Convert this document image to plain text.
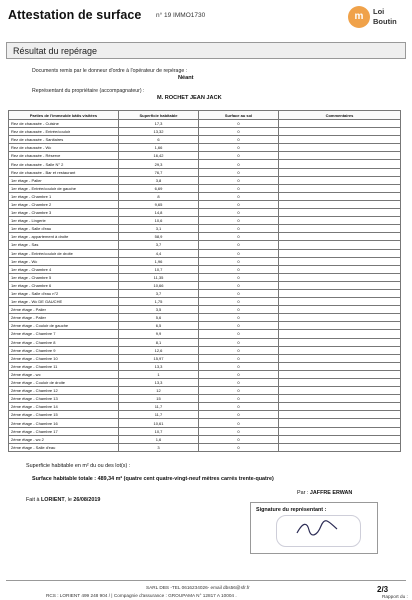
Attestation de surface n° 19 IMMO1730	m	Loi
Boutin
Résultat du repérage
Documents remis par le donneur d'ordre à l'opérateur de repérage :
Néant
Représentant du propriétaire (accompagnateur) :
M. ROCHET JEAN JACK
Parties de l'immeuble bâtis visitées	Superficie habitable	Surface au sol	Commentaires
Rez de chaussée - Cuisine	17,3	0	
Rez de chaussée - Entrée/couloir	13,32	0	
Rez de chaussée - Sanitaires	6	0	
Rez de chaussée - Wc	1,66	0	
Rez de chaussée - Réserve	16,42	0	
Rez de chaussée - Salle N° 2	29,3	0	
Rez de chaussée - Bar et restaurant	76,7	0	
1er étage - Palier	3,8	0	
1er étage - Entrée/couloir de gauche	6,69	0	
1er étage - Chambre 1	8	0	
1er étage - Chambre 2	9,65	0	
1er étage - Chambre 3	14,8	0	
1er étage - Lingerie	10,6	0	
1er étage - Salle d'eau	3,1	0	
1er étage - appartement à droite	58,9	0	
1er étage - Sas	3,7	0	
1er étage - Entrée/couloir de droite	4,4	0	
1er étage - Wc	1,96	0	
1er étage - Chambre 4	10,7	0	
1er étage - Chambre 5	11,35	0	
1er étage - Chambre 6	10,66	0	
1er étage - Salle d'eau n°2	3,7	0	
1er étage - Wc DE GAUCHE	1,75	0	
2ème étage - Palier	3,5	0	
2ème étage - Palier	5,6	0	
2ème étage - Couloir de gauche	6,5	0	
2ème étage - Chambre 7	9,9	0	
2ème étage - Chambre 8	8,1	0	
2ème étage - Chambre 9	12,6	0	
2ème étage - Chambre 10	15,97	0	
2ème étage - Chambre 11	13,3	0	
2ème étage - wc	1	0	
2ème étage - Couloir de droite	13,3	0	
2ème étage - Chambre 12	12	0	
2ème étage - Chambre 13	15	0	
2ème étage - Chambre 14	11,7	0	
2ème étage - Chambre 15	11,7	0	
2ème étage - Chambre 16	10,61	0	
2ème étage - Chambre 17	10,7	0	
2ème étage - wc 2	1,6	0	
2ème étage - Salle d'eau	3	0	
Superficie habitable en m² du ou des lot(s) :
Surface habitable totale : 489,34 m² (quatre cent quatre-vingt-neuf mètres carrés trente-quatre)
Fait à LORIENT, le 26/08/2019
Par : JAFFRE ERWAN
Signature du représentant :
SARL DBS -TEL 0616234026- email dbs56@sfr.fr
RCS : LORIENT 499 248 904 / | Compagnie d'assurance : GROUPAMA N° 12817 A 10004 .
2/3
Rapport du :
